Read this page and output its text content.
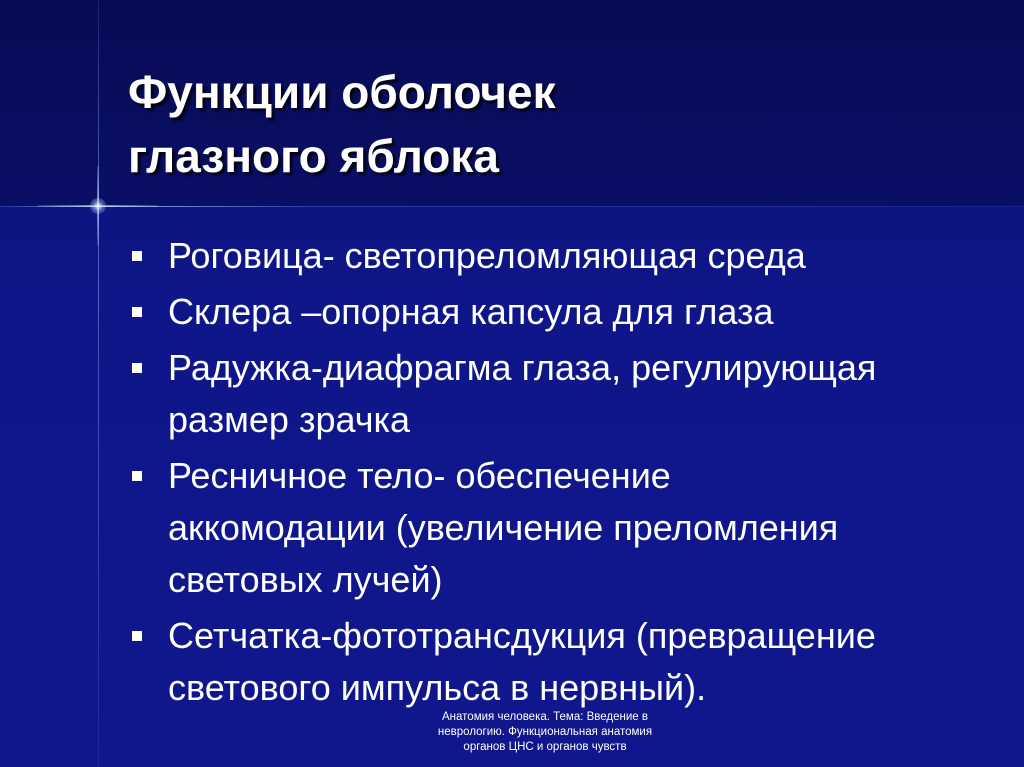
Функции оболочек
глазного яблока
Роговица- светопреломляющая среда
Склера –опорная капсула для глаза
Радужка-диафрагма глаза, регулирующая
размер зрачка
Ресничное тело- обеспечение
аккомодации (увеличение преломления
световых лучей)
Сетчатка-фототрансдукция (превращение
светового импульса в нервный).
Анатомия человека. Тема: Введение в
неврологию. Функциональная анатомия
органов ЦНС и органов чувств
